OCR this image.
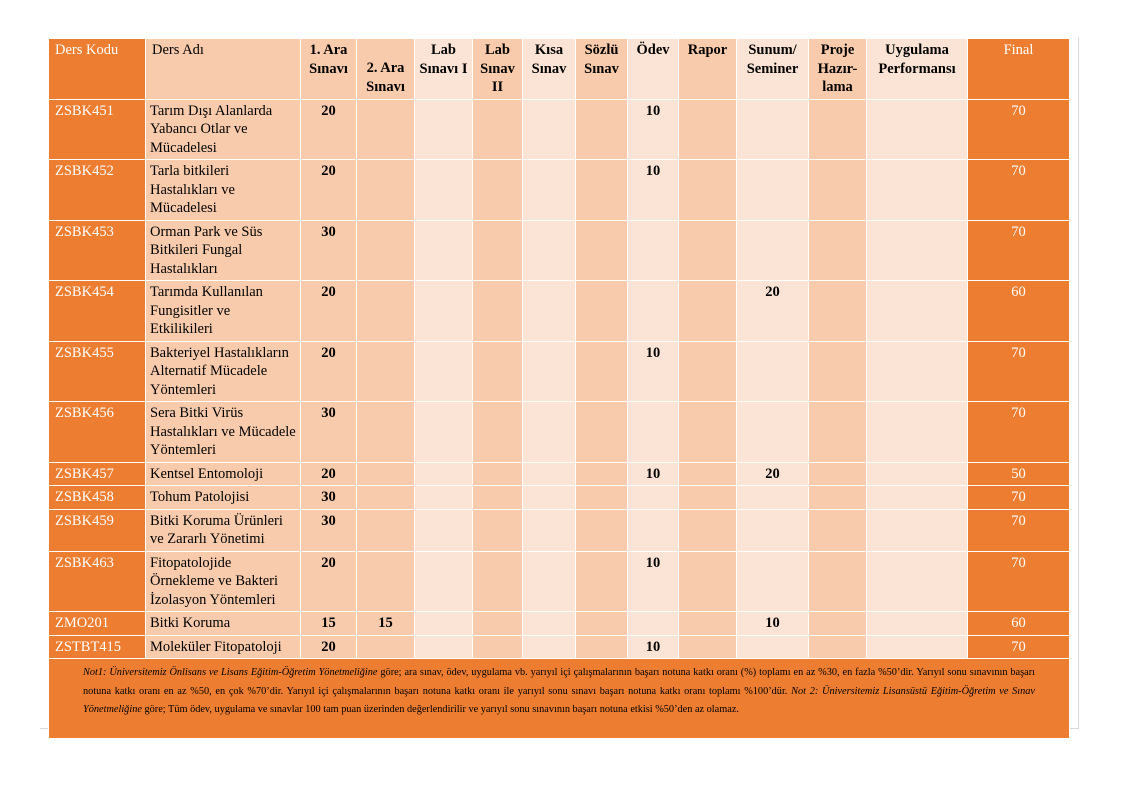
Ders Kodu	Ders Adı	1. Ara Sınavı	2. Ara Sınavı	Lab Sınavı I	Lab Sınav II	Kısa Sınav	Sözlü Sınav	Ödev	Rapor	Sunum/ Seminer	Proje Hazır-lama	Uygulama Performansı	Final
ZSBK451	Tarım Dışı Alanlarda Yabancı Otlar ve Mücadelesi	20						10					70
ZSBK452	Tarla bitkileri Hastalıkları ve Mücadelesi	20						10					70
ZSBK453	Orman Park ve Süs Bitkileri Fungal Hastalıkları	30											70
ZSBK454	Tarımda Kullanılan Fungisitler ve Etkilikileri	20								20			60
ZSBK455	Bakteriyel Hastalıkların Alternatif Mücadele Yöntemleri	20						10					70
ZSBK456	Sera Bitki Virüs Hastalıkları ve Mücadele Yöntemleri	30											70
ZSBK457	Kentsel Entomoloji	20						10		20			50
ZSBK458	Tohum Patolojisi	30											70
ZSBK459	Bitki Koruma Ürünleri ve Zararlı Yönetimi	30											70
ZSBK463	Fitopatolojide Örnekleme ve Bakteri İzolasyon Yöntemleri	20						10					70
ZMO201	Bitki Koruma	15	15							10			60
ZSTBT415	Moleküler Fitopatoloji	20						10					70
Not1: Üniversitemiz Önlisans ve Lisans Eğitim-Öğretim Yönetmeliğine göre; ara sınav, ödev, uygulama vb. yarıyıl içi çalışmalarının başarı notuna katkı oranı (%) toplamı en az %30, en fazla %50’dir. Yarıyıl sonu sınavının başarı notuna katkı oranı en az %50, en çok %70’dir. Yarıyıl içi çalışmalarının başarı notuna katkı oranı ile yarıyıl sonu sınavı başarı notuna katkı oranı toplamı %100’dür. Not 2: Üniversitemiz Lisansüstü Eğitim-Öğretim ve Sınav Yönetmeliğine göre; Tüm ödev, uygulama ve sınavlar 100 tam puan üzerinden değerlendirilir ve yarıyıl sonu sınavının başarı notuna etkisi %50’den az olamaz.													
